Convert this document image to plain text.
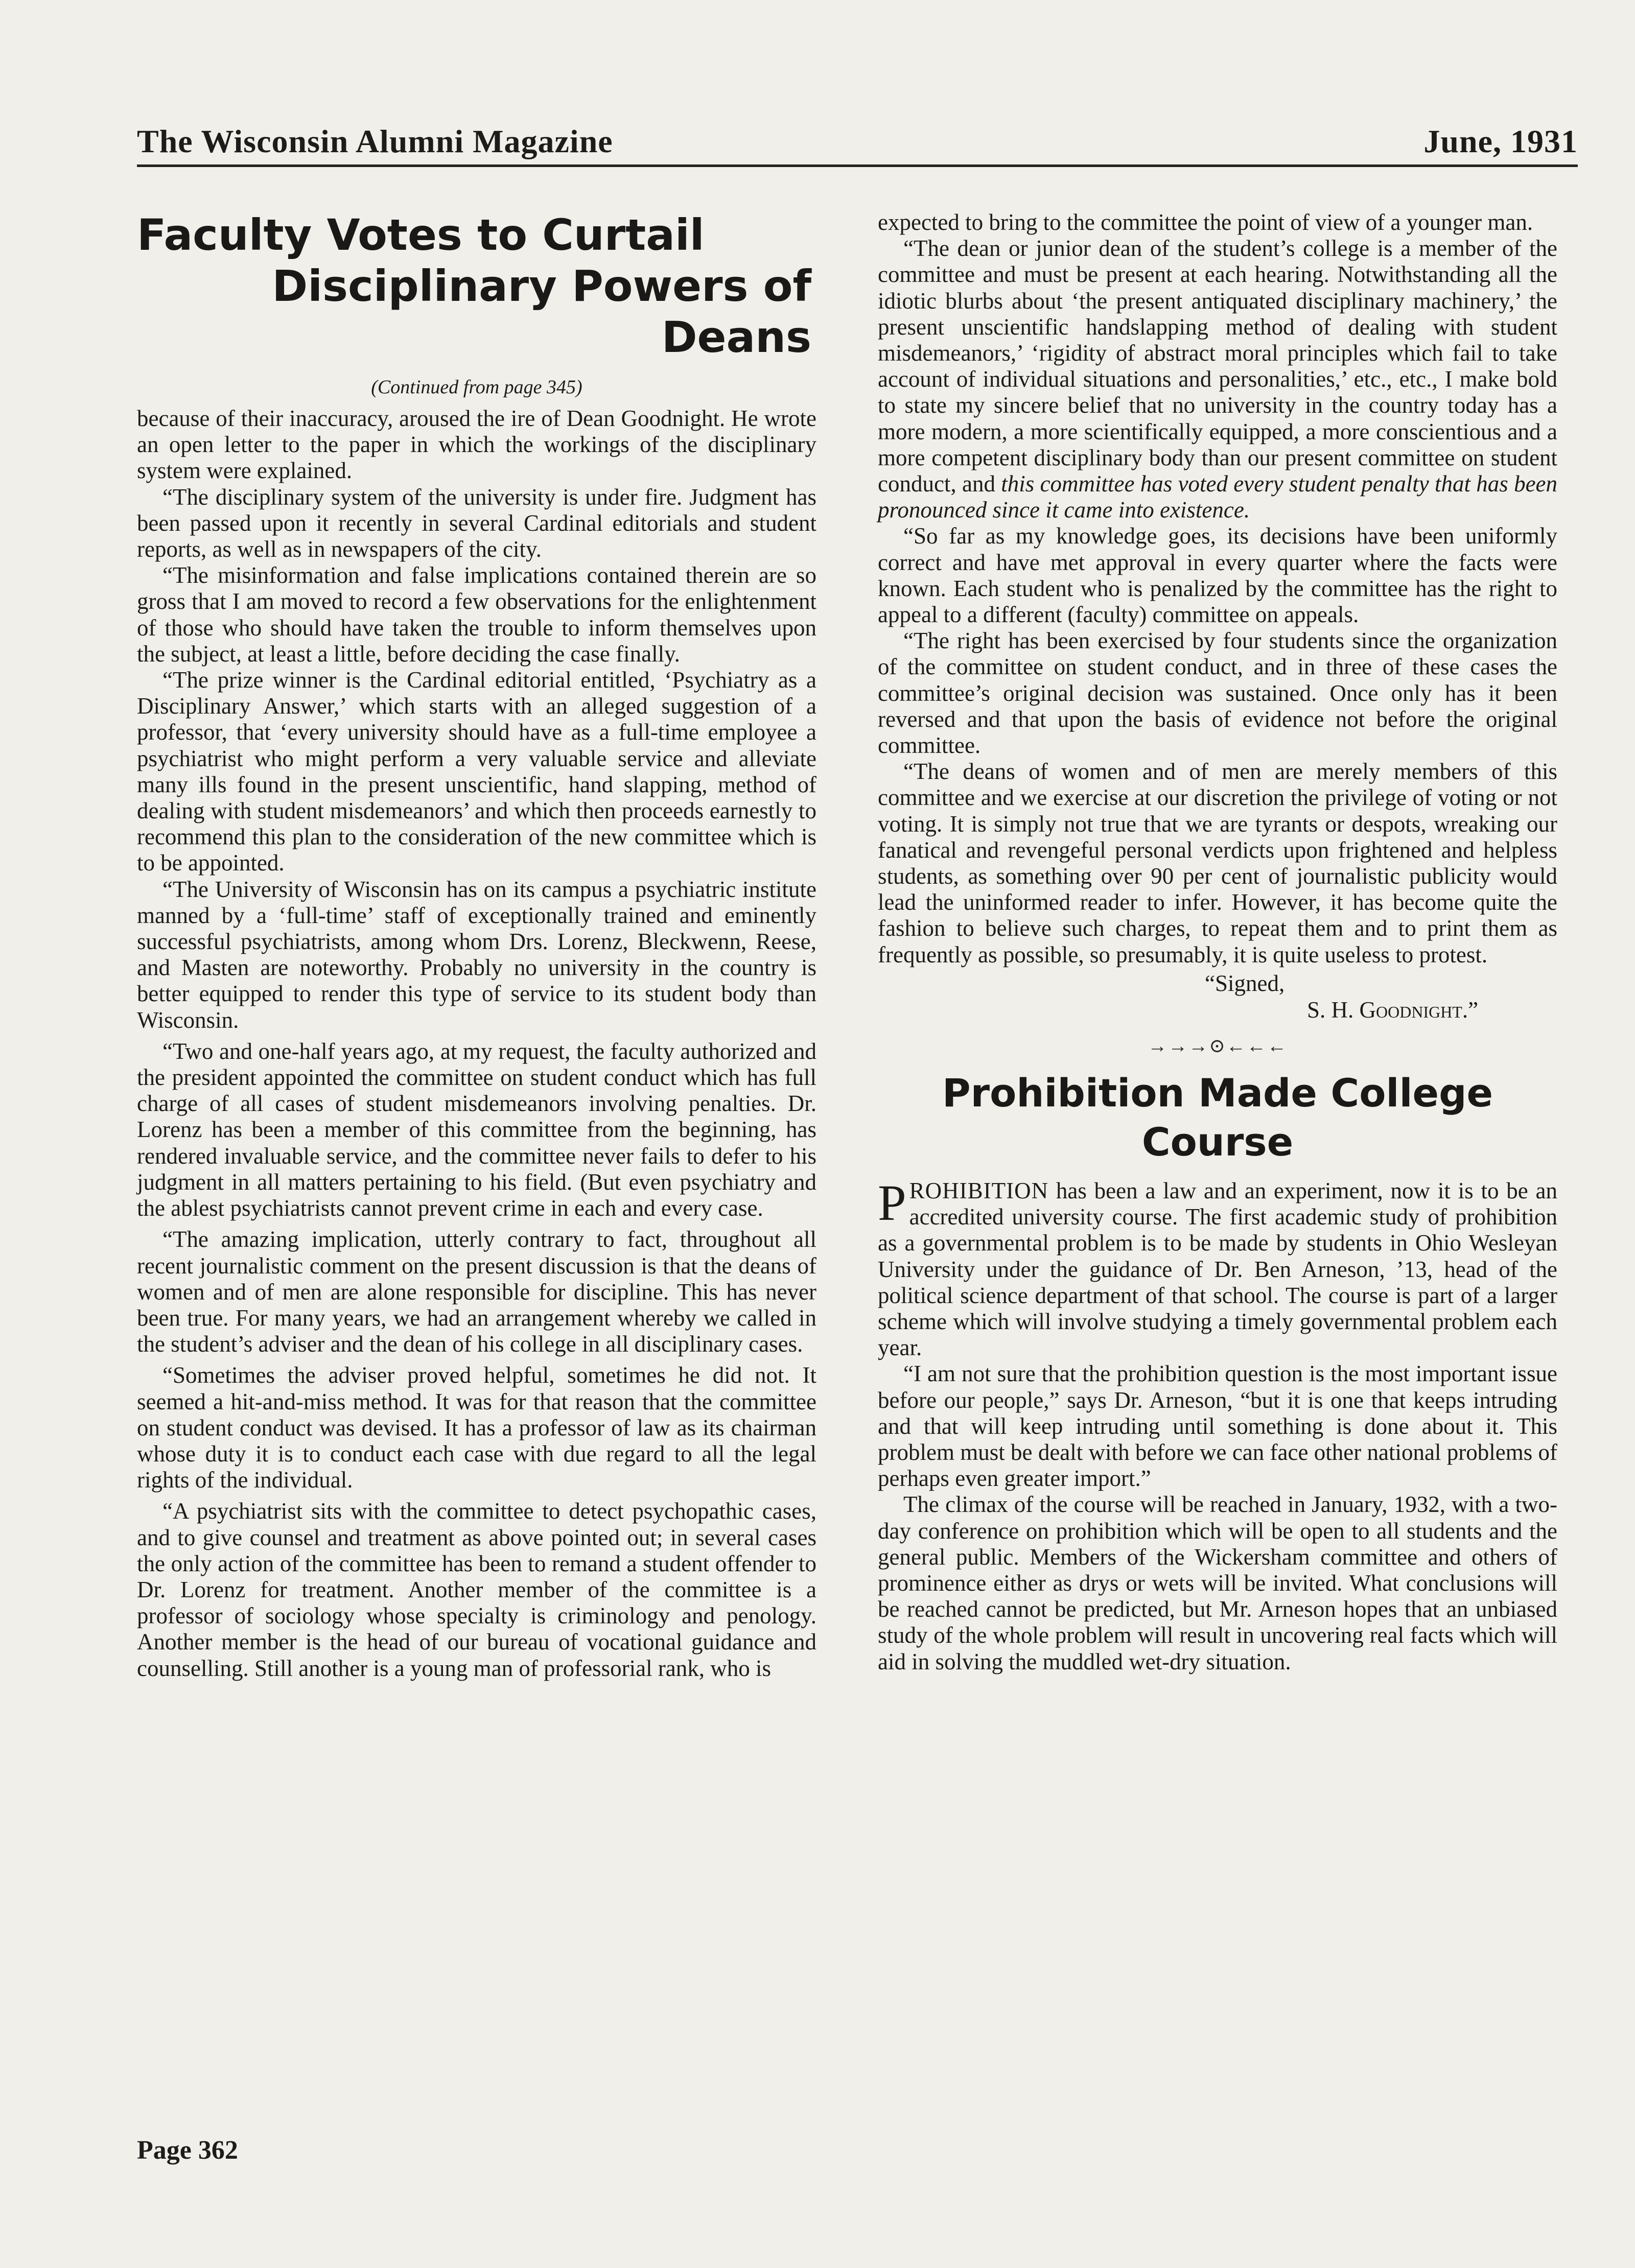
The Wisconsin Alumni Magazine	June, 1931
Faculty Votes to Curtail
Disciplinary Powers of Deans
(Continued from page 345)

because of their inaccuracy, aroused the ire of Dean Goodnight. He wrote an open letter to the paper in which the workings of the disciplinary system were explained.

“The disciplinary system of the university is under fire. Judgment has been passed upon it recently in several Cardinal editorials and student reports, as well as in newspapers of the city.

“The misinformation and false implications contained therein are so gross that I am moved to record a few observations for the enlightenment of those who should have taken the trouble to inform themselves upon the subject, at least a little, before deciding the case finally.

“The prize winner is the Cardinal editorial entitled, ‘Psychiatry as a Disciplinary Answer,’ which starts with an alleged suggestion of a professor, that ‘every university should have as a full-time employee a psychiatrist who might perform a very valuable service and alleviate many ills found in the present unscientific, hand slapping, method of dealing with student misdemeanors’ and which then proceeds earnestly to recommend this plan to the consideration of the new committee which is to be appointed.

“The University of Wisconsin has on its campus a psychiatric institute manned by a ‘full-time’ staff of exceptionally trained and eminently successful psychiatrists, among whom Drs. Lorenz, Bleckwenn, Reese, and Masten are noteworthy. Probably no university in the country is better equipped to render this type of service to its student body than Wisconsin.

“Two and one-half years ago, at my request, the faculty authorized and the president appointed the committee on student conduct which has full charge of all cases of student misdemeanors involving penalties. Dr. Lorenz has been a member of this committee from the beginning, has rendered invaluable service, and the committee never fails to defer to his judgment in all matters pertaining to his field. (But even psychiatry and the ablest psychiatrists cannot prevent crime in each and every case.

“The amazing implication, utterly contrary to fact, throughout all recent journalistic comment on the present discussion is that the deans of women and of men are alone responsible for discipline. This has never been true. For many years, we had an arrangement whereby we called in the student’s adviser and the dean of his college in all disciplinary cases.

“Sometimes the adviser proved helpful, sometimes he did not. It seemed a hit-and-miss method. It was for that reason that the committee on student conduct was devised. It has a professor of law as its chairman whose duty it is to conduct each case with due regard to all the legal rights of the individual.

“A psychiatrist sits with the committee to detect psychopathic cases, and to give counsel and treatment as above pointed out; in several cases the only action of the committee has been to remand a student offender to Dr. Lorenz for treatment. Another member of the committee is a professor of sociology whose specialty is criminology and penology. Another member is the head of our bureau of vocational guidance and counselling. Still another is a young man of professorial rank, who is

expected to bring to the committee the point of view of a younger man.

“The dean or junior dean of the student’s college is a member of the committee and must be present at each hearing. Notwithstanding all the idiotic blurbs about ‘the present antiquated disciplinary machinery,’ the present unscientific handslapping method of dealing with student misdemeanors,’ ‘rigidity of abstract moral principles which fail to take account of individual situations and personalities,’ etc., etc., I make bold to state my sincere belief that no university in the country today has a more modern, a more scientifically equipped, a more conscientious and a more competent disciplinary body than our present committee on student conduct, and this committee has voted every student penalty that has been pronounced since it came into existence.

“So far as my knowledge goes, its decisions have been uniformly correct and have met approval in every quarter where the facts were known. Each student who is penalized by the committee has the right to appeal to a different (faculty) committee on appeals.

“The right has been exercised by four students since the organization of the committee on student conduct, and in three of these cases the committee’s original decision was sustained. Once only has it been reversed and that upon the basis of evidence not before the original committee.

“The deans of women and of men are merely members of this committee and we exercise at our discretion the privilege of voting or not voting. It is simply not true that we are tyrants or despots, wreaking our fanatical and revengeful personal verdicts upon frightened and helpless students, as something over 90 per cent of journalistic publicity would lead the uninformed reader to infer. However, it has become quite the fashion to believe such charges, to repeat them and to print them as frequently as possible, so presumably, it is quite useless to protest.

“Signed,
S. H. Goodnight.”
→→→⊙←←←
Prohibition Made College Course

PROHIBITION has been a law and an experiment, now it is to be an accredited university course. The first academic study of prohibition as a governmental problem is to be made by students in Ohio Wesleyan University under the guidance of Dr. Ben Arneson, ’13, head of the political science department of that school. The course is part of a larger scheme which will involve studying a timely governmental problem each year.

“I am not sure that the prohibition question is the most important issue before our people,” says Dr. Arneson, “but it is one that keeps intruding and that will keep intruding until something is done about it. This problem must be dealt with before we can face other national problems of perhaps even greater import.”

The climax of the course will be reached in January, 1932, with a two-day conference on prohibition which will be open to all students and the general public. Members of the Wickersham committee and others of prominence either as drys or wets will be invited. What conclusions will be reached cannot be predicted, but Mr. Arneson hopes that an unbiased study of the whole problem will result in uncovering real facts which will aid in solving the muddled wet-dry situation.

Page 362
